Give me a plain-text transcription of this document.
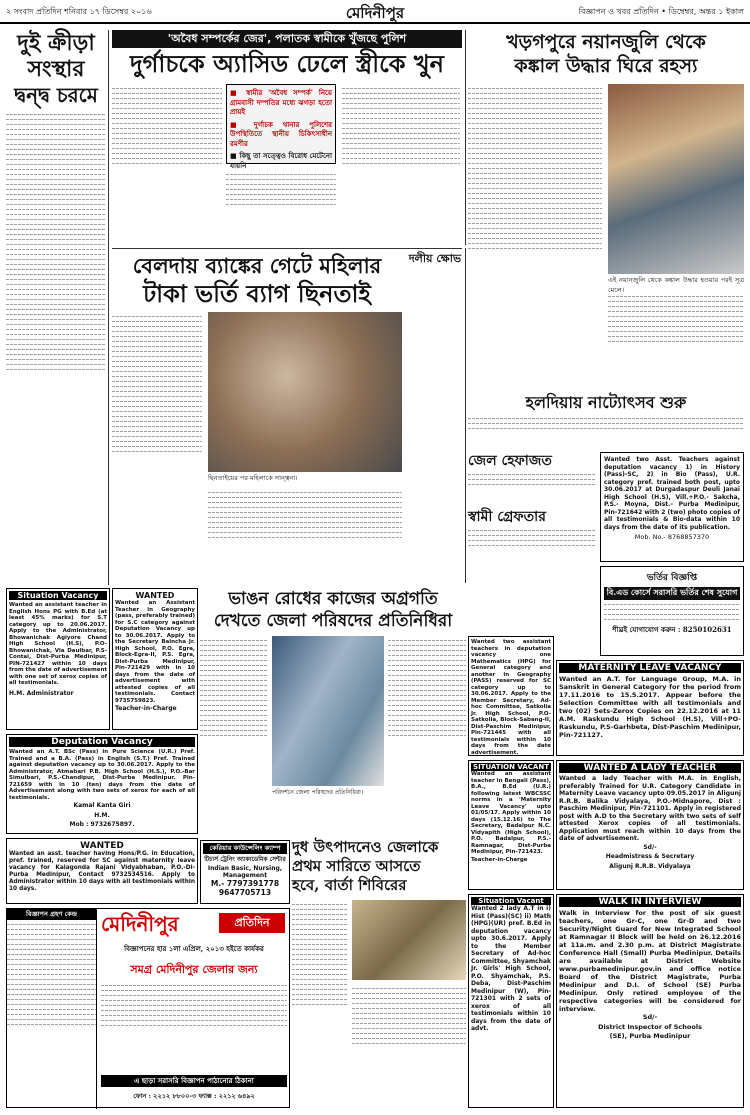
২ সংবাদ প্রতিদিন শনিবার ১৭ ডিসেম্বর ২০১৬	মেদিনীপুর	বিজ্ঞাপন ও খবর প্রতিদিন • ডিম্বেম্বর, অন্তর ১ ইকাল
দুই ক্রীড়া
সংস্থার
দ্বন্দ্ব চরমে
'অবৈধ সম্পর্কের জের', পলাতক স্বামীকে খুঁজছে পুলিশ
দুর্গাচকে অ্যাসিড ঢেলে স্ত্রীকে খুন
■ স্বামীর 'অবৈধ সম্পর্ক' নিয়ে গ্রামবাসী দম্পতির মধ্যে ঝগড়া হতো প্রায়ই
■ দুর্গাচক থানার পুলিশের উপস্থিতিতে স্থানীয় চিকিৎসাধীন রমণীর
■ কিছু তা সত্ত্বেও বিরোধ মেটেনো যায়নি
খড়গপুরে নয়ানজুলি থেকে
কঙ্কাল উদ্ধার ঘিরে রহস্য
এই নয়ানজুলি থেকে কঙ্কাল উদ্ধার হওয়ার পরই সূত্র মেলে।
বেলদায় ব্যাঙ্কের গেটে মহিলার
টাকা ভর্তি ব্যাগ ছিনতাই
ছিনতাইয়ের পর মহিলাকে সান্ত্বনা।
দলীয় ক্ষোভ
হলদিয়ায় নাট্যোৎসব শুরু
Wanted two Asst. Teachers against deputation vacancy 1) in History (Pass)-SC, 2) in Bio (Pass), U.R. category pref. trained both post, upto 30.06.2017 at Durgadaspur Deuli Janai High School (H.S), Vill.+P.O.- Sakcha, P.S.- Moyna, Dist.- Purba Medinipur, Pin-721642 with 2 (two) photo copies of all testimonials & Bio-data within 10 days from the date of its publication.
Mob. No.- 8768857370
জেল হেফাজত
স্বামী গ্রেফতার
ভর্তির বিজ্ঞপ্তি
বি.এড কোর্সে সরাসরি ভর্তির শেষ সুযোগ
শীঘ্রই যোগাযোগ করুন : 8250102631
Situation Vacancy
Wanted an assistant teacher in English Hons PG with B.Ed (at least 45% marks) for S.T category up to 20.06.2017. Apply to the Administrator, Bhowanichak Agiyore Chand High School (H.S), P.O-Bhowanichak, Via Daulbar, P.S-Contai, Dist-Purba Medinipur, PIN-721427 within 10 days from the date of advertisement with one set of xerox copies of all testimonials.
H.M. Administrator
WANTED
Wanted an Assistant Teacher in Geography (pass, preferably trained) for S.C category against Deputation Vacancy up to 30.06.2017. Apply to the Secretary Baincha Jr. High School, P.O. Egra, Block-Egra-II, P.S. Egra, Dist-Purba Medinipur, Pin-721429 with in 10 days from the date of advertisement with attested copies of all testimonials. Contact 9735759823.
Teacher-in-Charge
ভাঙন রোধের কাজের অগ্রগতি
দেখতে জেলা পরিষদের প্রতিনিধিরা
পরিদর্শনে জেলা পরিষদের প্রতিনিধিরা।
Wanted two assistant teachers in deputation vacancy one Mathematics (HPG) for General category and another in Geography (PASS) reserved for SC category up to 30.06.2017. Apply to the Member Secretary, Ad-hoc Committee, Satkolia Jr. High School, P.O-Satkolia, Block-Sabang-II, Dist-Paschim Medinipur, Pin-721445 with all testimonials within 10 days from the date advertisement.
MATERNITY LEAVE VACANCY
Wanted an A.T. for Language Group, M.A. in Sanskrit in General Category for the period from 17.11.2016 to 15.5.2017. Appear before the Selection Committee with all testimonials and two (02) Sets-Zerox Copies on 22.12.2016 at 11 A.M. Raskundu High School (H.S), Vill+PO-Raskundu, P.S-Garhbeta, Dist-Paschim Medinipur, Pin-721127.
SITUATION VACANT
Wanted an assistant teacher in Bengali (Pass), B.A., B.Ed (U.R.) following latest WBCSSC norms in a 'Maternity Leave Vacancy' upto 01/05/17. Apply within 10 days (15.12.16) to The Secretary, Badalpur N.C. Vidyapith (High School), P.O. Badalpur, P.S.-Ramnagar, Dist-Purba Medinipur, Pin-721423.
Teacher-in-Charge
WANTED A LADY TEACHER
Wanted a lady Teacher with M.A. in English, preferably Trained for U.R. Category Candidate in Maternity Leave vacancy upto 09.05.2017 in Aligunj R.R.B. Balika Vidyalaya, P.O.-Midnapore, Dist : Paschim Medinipur, Pin-721101. Apply in registered post with A.D to the Secretary with two sets of self attested Xerox copies of all testimonials. Application must reach within 10 days from the date of advertisement.
Sd/-
Headmistress & Secretary
Aligunj R.R.B. Vidyalaya
Deputation Vacancy
Wanted an A.T. BSc (Pass) in Pure Science (U.R.) Pref. Trained and a B.A. (Pass) in English (S.T.) Pref. Trained against deputation vacancy up to 30.06.2017. Apply to the Administrator, Atmabari P.B. High School (H.S.), P.O.-Bar Simulbari, P.S.-Chandipur, Dist-Purba Medinipur. Pin-721659 with in 10 (ten) days from the date of Advertisement along with two sets of xerox for each of all testimonials.
Kamal Kanta Giri
H.M.
Mob : 9732675897.
WANTED
Wanted an asst. teacher having Hons/P.G. in Education, pref. trained, reserved for SC against maternity leave vacancy for Kalagonda Rajani Vidyabhaban, P.O.-Di-Purba Medinipur, Contact 9732534516. Apply to Administrator within 10 days with all testimonials within 10 days.
কেরিয়ার কাউন্সেলিং ক্যাম্প
টিচার্স ট্রেনিং অ্যাকাডেমিক সেন্টার
Indian Basic, Nursing, Management
M.- 7797391778
9647705713
দুধ উৎপাদনেও জেলাকে
প্রথম সারিতে আসতে
হবে, বার্তা শিবিরের
Situation Vacant
Wanted 2 lady A.T in i) Hist (Pass)(SC) ii) Math (HPG)(UR) pref. B.Ed in deputation vacancy upto 30.6.2017. Apply to the Member Secretary of Ad-hoc Committee, Shyamchak Jr. Girls' High School, P.O. Shyamchak, P.S. Deba, Dist-Paschim Medinipur (W), Pin-721301 with 2 sets of xerox of all testimonials within 10 days from the date of advt.
WALK IN INTERVIEW
Walk in Interview for the post of six guest teachers, one Gr-C, one Gr-D and two Security/Night Guard for New Integrated School at Ramnagar II Block will be held on 26.12.2016 at 11a.m. and 2.30 p.m. at District Magistrate Conference Hall (Small) Purba Medinipur. Details are available at District Website www.purbamedinipur.gov.in and office notice Board of the District Magistrate, Purba Medinipur and D.I. of School (SE) Purba Medinipur. Only retired employee of the respective categories will be considered for interview.
Sd/-
District Inspector of Schools
(SE), Purba Medinipur
বিজ্ঞাপন গ্রহণ কেন্দ্র	মেদিনীপুর	প্রতিদিন
বিজ্ঞাপনের হার ১লা এপ্রিল, ২০১৩ হইতে কার্যকর
সমগ্র মেদিনীপুর জেলার জন্য
এ ছাড়া সরাসরি বিজ্ঞাপন পাঠানোর ঠিকানা
ফোন : ২২১২ ৮৮০০-৩ ফ্যাক্স : ২২১২ ৬৪৯২
